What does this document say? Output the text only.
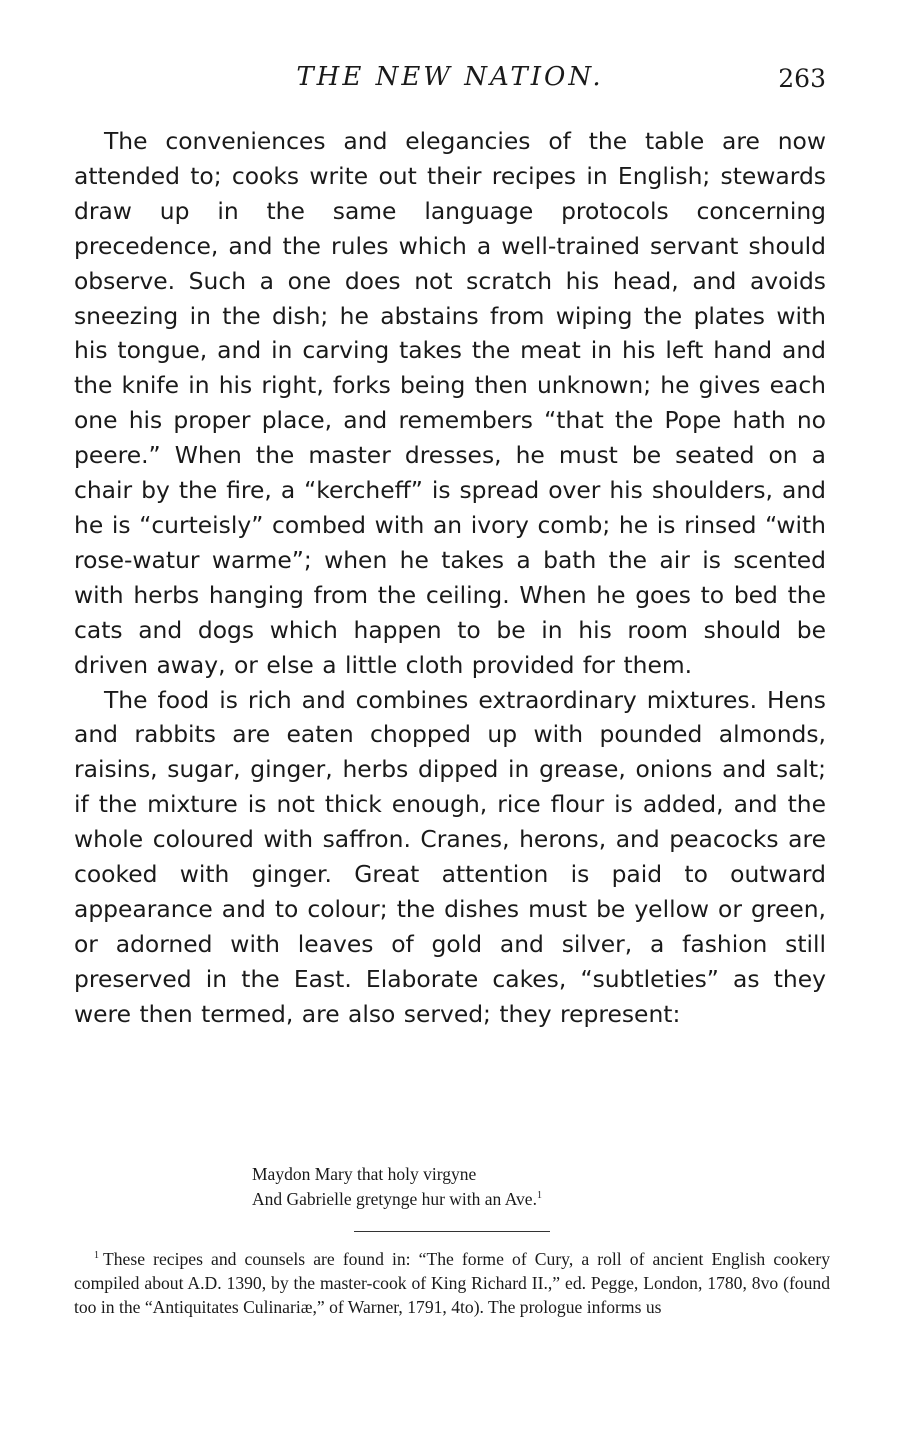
THE NEW NATION.	263

The conveniences and elegancies of the table are now attended to; cooks write out their recipes in English; stewards draw up in the same language protocols concerning precedence, and the rules which a well-trained servant should observe. Such a one does not scratch his head, and avoids sneezing in the dish; he abstains from wiping the plates with his tongue, and in carving takes the meat in his left hand and the knife in his right, forks being then unknown; he gives each one his proper place, and remembers “that the Pope hath no peere.” When the master dresses, he must be seated on a chair by the fire, a “kercheff” is spread over his shoulders, and he is “curteisly” combed with an ivory comb; he is rinsed “with rose-watur warme”; when he takes a bath the air is scented with herbs hanging from the ceiling. When he goes to bed the cats and dogs which happen to be in his room should be driven away, or else a little cloth provided for them.

The food is rich and combines extraordinary mixtures. Hens and rabbits are eaten chopped up with pounded almonds, raisins, sugar, ginger, herbs dipped in grease, onions and salt; if the mixture is not thick enough, rice flour is added, and the whole coloured with saffron. Cranes, herons, and peacocks are cooked with ginger. Great attention is paid to outward appearance and to colour; the dishes must be yellow or green, or adorned with leaves of gold and silver, a fashion still preserved in the East. Elaborate cakes, “subtleties” as they were then termed, are also served; they represent:

Maydon Mary that holy virgyne
And Gabrielle gretynge hur with an Ave.$^1$
$^1$ These recipes and counsels are found in: “The forme of Cury, a roll of ancient English cookery compiled about A.D. 1390, by the master-cook of King Richard II.,” ed. Pegge, London, 1780, 8vo (found too in the “Antiquitates Culinariæ,” of Warner, 1791, 4to). The prologue informs us
